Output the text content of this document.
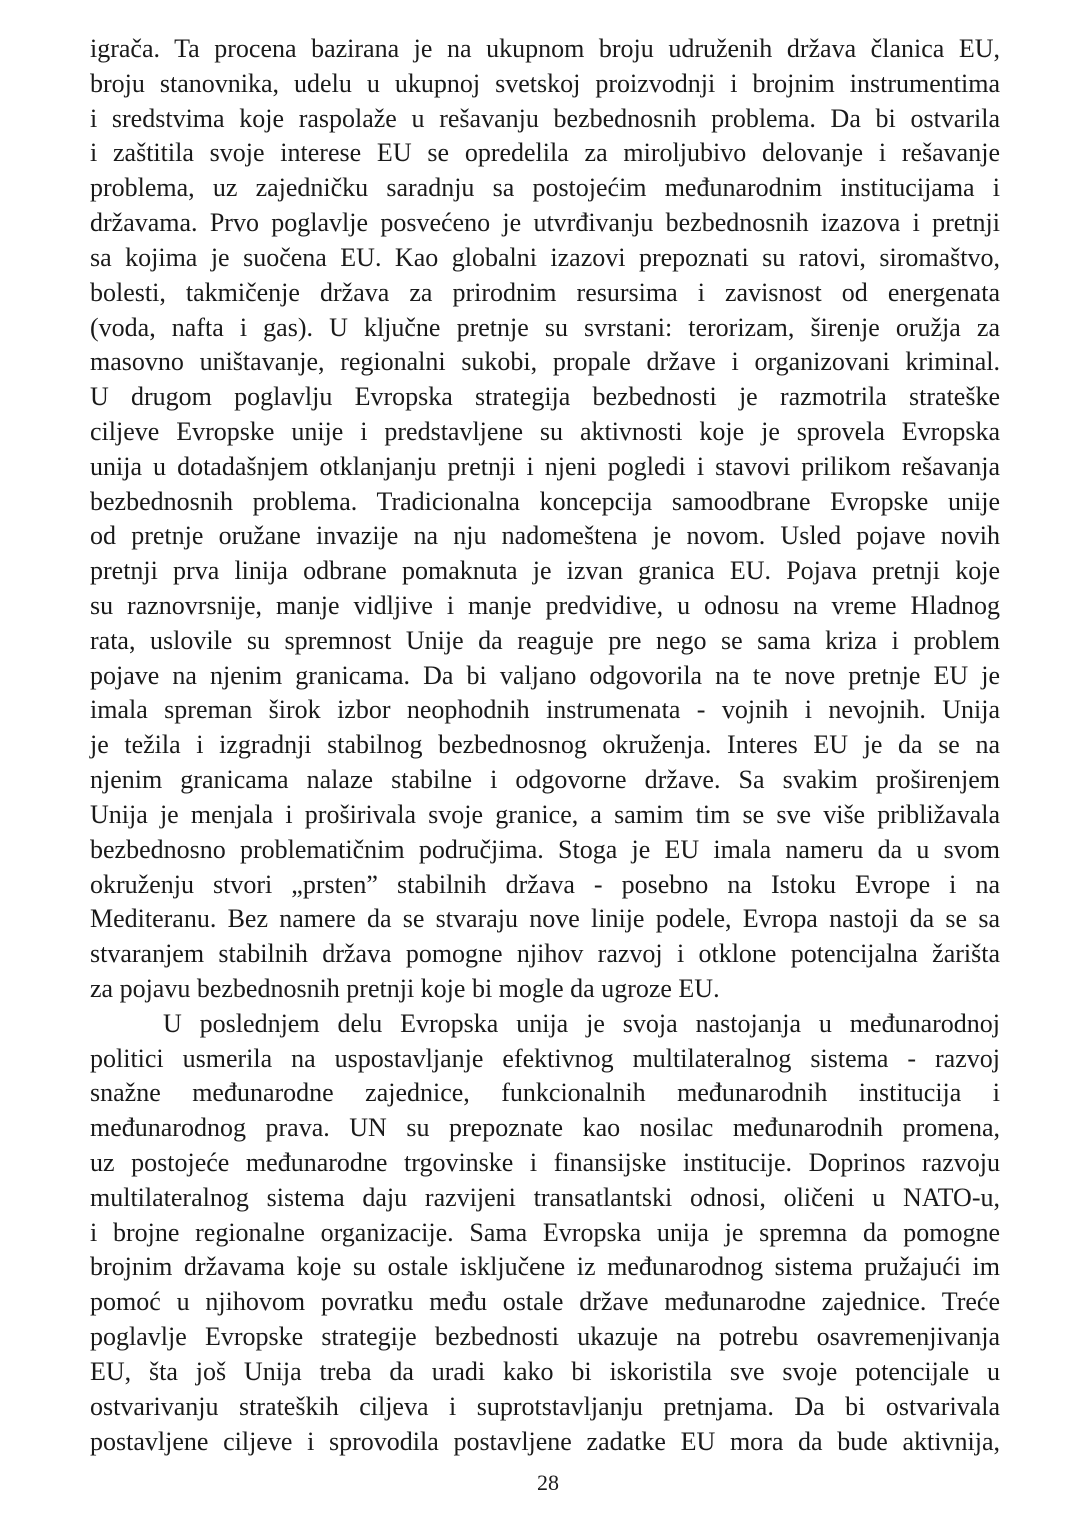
igrača. Ta procena bazirana je na ukupnom broju udruženih država članica EU,
broju stanovnika, udelu u ukupnoj svetskoj proizvodnji i brojnim instrumentima
i sredstvima koje raspolaže u rešavanju bezbednosnih problema. Da bi ostvarila
i zaštitila svoje interese EU se opredelila za miroljubivo delovanje i rešavanje
problema, uz zajedničku saradnju sa postojećim međunarodnim institucijama i
državama. Prvo poglavlje posvećeno je utvrđivanju bezbednosnih izazova i pretnji
sa kojima je suočena EU. Kao globalni izazovi prepoznati su ratovi, siromaštvo,
bolesti, takmičenje država za prirodnim resursima i zavisnost od energenata
(voda, nafta i gas). U ključne pretnje su svrstani: terorizam, širenje oružja za
masovno uništavanje, regionalni sukobi, propale države i organizovani kriminal.
U drugom poglavlju Evropska strategija bezbednosti je razmotrila strateške
ciljeve Evropske unije i predstavljene su aktivnosti koje je sprovela Evropska
unija u dotadašnjem otklanjanju pretnji i njeni pogledi i stavovi prilikom rešavanja
bezbednosnih problema. Tradicionalna koncepcija samoodbrane Evropske unije
od pretnje oružane invazije na nju nadomeštena je novom. Usled pojave novih
pretnji prva linija odbrane pomaknuta je izvan granica EU. Pojava pretnji koje
su raznovrsnije, manje vidljive i manje predvidive, u odnosu na vreme Hladnog
rata, uslovile su spremnost Unije da reaguje pre nego se sama kriza i problem
pojave na njenim granicama. Da bi valjano odgovorila na te nove pretnje EU je
imala spreman širok izbor neophodnih instrumenata - vojnih i nevojnih. Unija
je težila i izgradnji stabilnog bezbednosnog okruženja. Interes EU je da se na
njenim granicama nalaze stabilne i odgovorne države. Sa svakim proširenjem
Unija je menjala i proširivala svoje granice, a samim tim se sve više približavala
bezbednosno problematičnim područjima. Stoga je EU imala nameru da u svom
okruženju stvori „prsten” stabilnih država - posebno na Istoku Evrope i na
Mediteranu. Bez namere da se stvaraju nove linije podele, Evropa nastoji da se sa
stvaranjem stabilnih država pomogne njihov razvoj i otklone potencijalna žarišta
za pojavu bezbednosnih pretnji koje bi mogle da ugroze EU.
U poslednjem delu Evropska unija je svoja nastojanja u međunarodnoj
politici usmerila na uspostavljanje efektivnog multilateralnog sistema - razvoj
snažne međunarodne zajednice, funkcionalnih međunarodnih institucija i
međunarodnog prava. UN su prepoznate kao nosilac međunarodnih promena,
uz postojeće međunarodne trgovinske i finansijske institucije. Doprinos razvoju
multilateralnog sistema daju razvijeni transatlantski odnosi, oličeni u NATO-u,
i brojne regionalne organizacije. Sama Evropska unija je spremna da pomogne
brojnim državama koje su ostale isključene iz međunarodnog sistema pružajući im
pomoć u njihovom povratku među ostale države međunarodne zajednice. Treće
poglavlje Evropske strategije bezbednosti ukazuje na potrebu osavremenjivanja
EU, šta još Unija treba da uradi kako bi iskoristila sve svoje potencijale u
ostvarivanju strateških ciljeva i suprotstavljanju pretnjama. Da bi ostvarivala
postavljene ciljeve i sprovodila postavljene zadatke EU mora da bude aktivnija,
28
